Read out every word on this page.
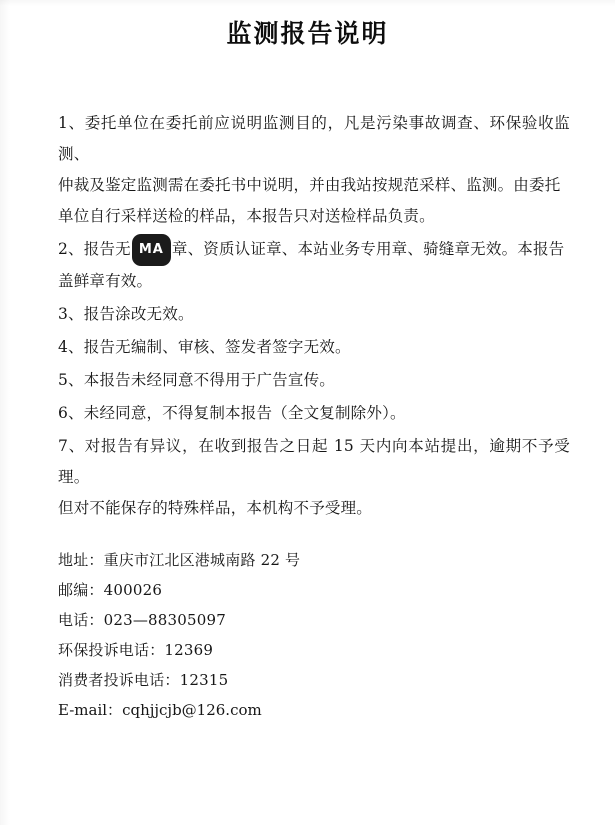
监测报告说明
1、委托单位在委托前应说明监测目的，凡是污染事故调查、环保验收监测、
仲裁及鉴定监测需在委托书中说明，并由我站按规范采样、监测。由委托
单位自行采样送检的样品，本报告只对送检样品负责。
2、报告无 MA 章、资质认证章、本站业务专用章、骑缝章无效。本报告
盖鲜章有效。
3、报告涂改无效。
4、报告无编制、审核、签发者签字无效。
5、本报告未经同意不得用于广告宣传。
6、未经同意，不得复制本报告（全文复制除外）。
7、对报告有异议，在收到报告之日起 15 天内向本站提出，逾期不予受理。
但对不能保存的特殊样品，本机构不予受理。
地址：重庆市江北区港城南路 22 号
邮编：400026
电话：023—88305097
环保投诉电话：12369
消费者投诉电话：12315
E-mail：cqhjjcjb@126.com
